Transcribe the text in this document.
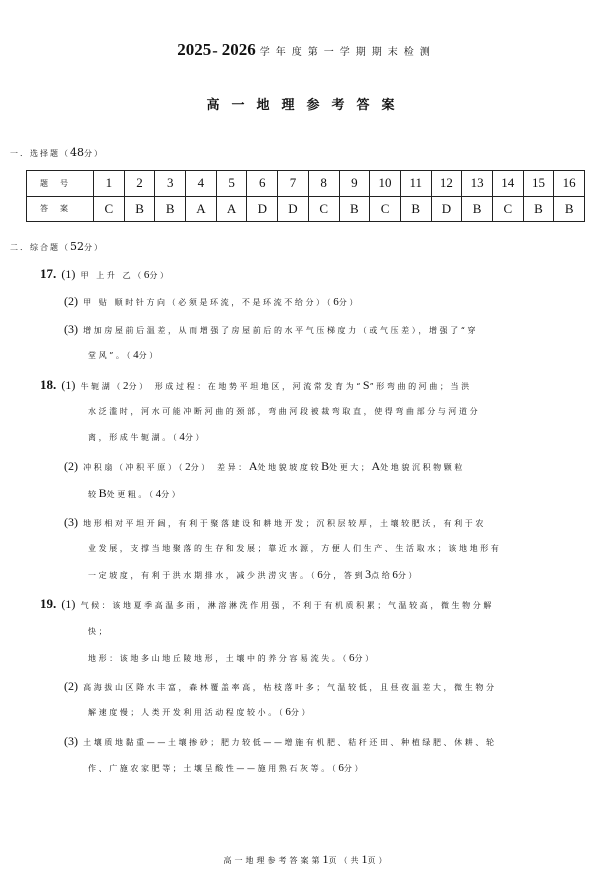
2025– 2026 学年度第一学期期末检测
高一地理参考答案
一．选择题（48分）
题号	1	2	3	4	5	6	7	8	9	10	11	12	13	14	15	16
答案	C	B	B	A	A	D	D	C	B	C	B	D	B	C	B	B
二．综合题（52分）
17. (1) 甲 上升 乙（6分）
(2) 甲 贴 顺时针方向（必须是环流，不是环流不给分）（6分）
(3) 增加房屋前后温差，从而增强了房屋前后的水平气压梯度力（或气压差），增强了“穿
堂风”。（4分）
18. (1) 牛轭湖（2分） 形成过程：在地势平坦地区，河流常发育为“S”形弯曲的河曲；当洪
水泛滥时，河水可能冲断河曲的颈部，弯曲河段被裁弯取直，使得弯曲部分与河道分
离，形成牛轭湖。（4分）
(2) 冲积扇（冲积平原）（2分） 差异：A处地貌坡度较B处更大；A处地貌沉积物颗粒
较B处更粗。（4分）
(3) 地形相对平坦开阔，有利于聚落建设和耕地开发；沉积层较厚，土壤较肥沃，有利于农
业发展，支撑当地聚落的生存和发展；靠近水源，方便人们生产、生活取水；该地地形有
一定坡度，有利于洪水期排水，减少洪涝灾害。（6分，答到3点给6分）
19. (1) 气候：该地夏季高温多雨，淋溶淋洗作用强，不利于有机质积累；气温较高，微生物分解
快；
地形：该地多山地丘陵地形，土壤中的养分容易流失。（6分）
(2) 高海拔山区降水丰富，森林覆盖率高，枯枝落叶多；气温较低，且昼夜温差大，微生物分
解速度慢；人类开发利用活动程度较小。（6分）
(3) 土壤质地黏重——土壤掺砂；肥力较低——增施有机肥、秸秆还田、种植绿肥、休耕、轮
作、广施农家肥等；土壤呈酸性——施用熟石灰等。（6分）
高一地理参考答案第1页（共1页）
